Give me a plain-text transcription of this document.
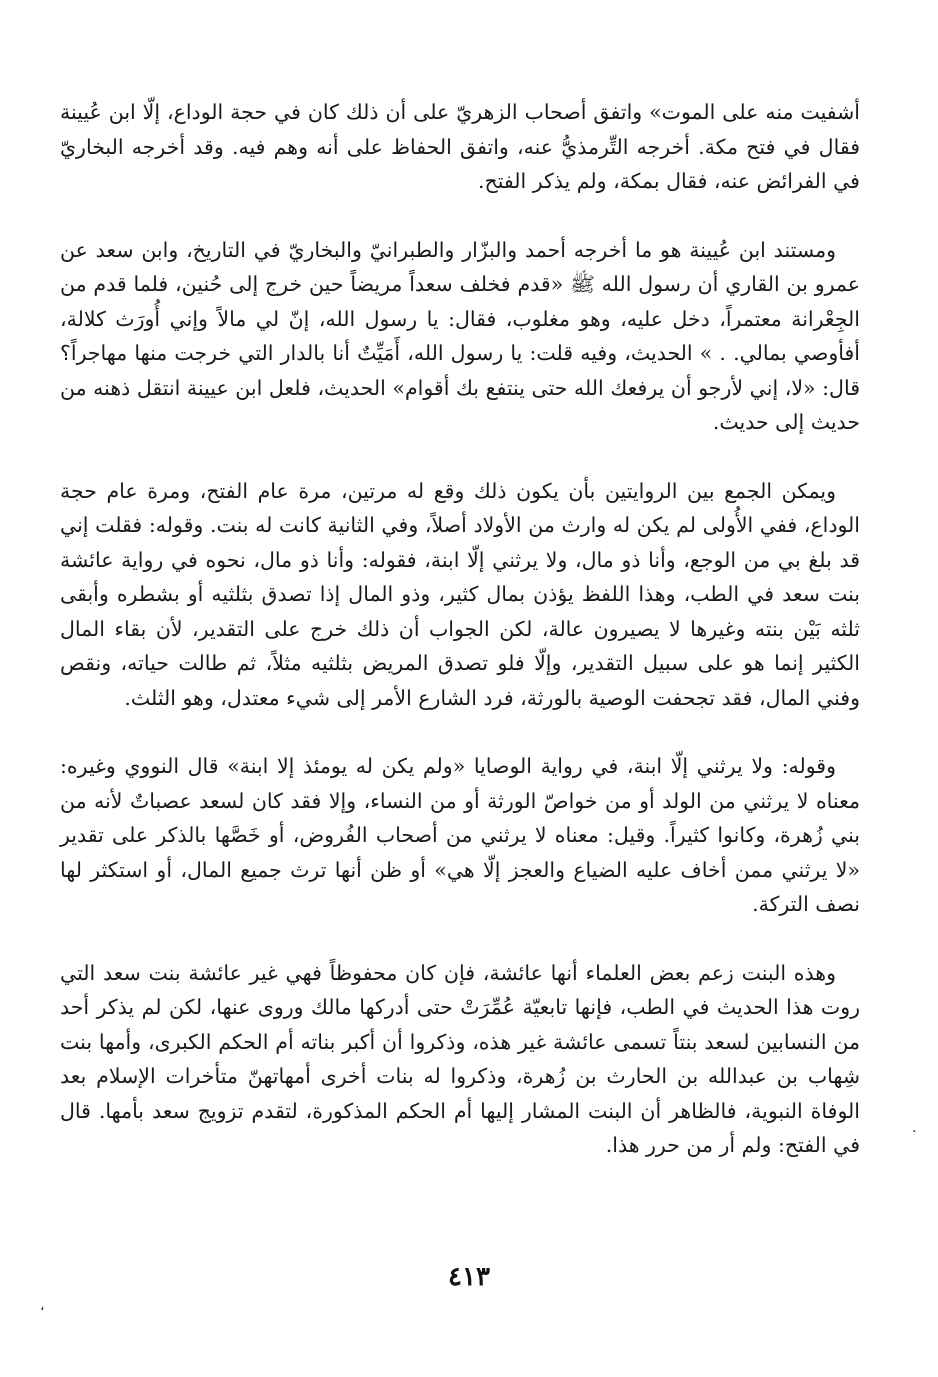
أشفيت منه على الموت» واتفق أصحاب الزهريّ على أن ذلك كان في حجة الوداع، إلّا ابن عُيينة فقال في فتح مكة. أخرجه التِّرمذيُّ عنه، واتفق الحفاظ على أنه وهم فيه. وقد أخرجه البخاريّ في الفرائض عنه، فقال بمكة، ولم يذكر الفتح.

ومستند ابن عُيينة هو ما أخرجه أحمد والبزّار والطبرانيّ والبخاريّ في التاريخ، وابن سعد عن عمرو بن القاري أن رسول الله ﷺ «قدم فخلف سعداً مريضاً حين خرج إلى حُنين، فلما قدم من الجِعْرانة معتمراً، دخل عليه، وهو مغلوب، فقال: يا رسول الله، إنّ لي مالاً وإني أُورَث كلالة، أفأوصي بمالي. . » الحديث، وفيه قلت: يا رسول الله، أَمَيِّتٌ أنا بالدار التي خرجت منها مهاجراً؟ قال: «لا، إني لأرجو أن يرفعك الله حتى ينتفع بك أقوام» الحديث، فلعل ابن عيينة انتقل ذهنه من حديث إلى حديث.

ويمكن الجمع بين الروايتين بأن يكون ذلك وقع له مرتين، مرة عام الفتح، ومرة عام حجة الوداع، ففي الأُولى لم يكن له وارث من الأولاد أصلاً، وفي الثانية كانت له بنت. وقوله: فقلت إني قد بلغ بي من الوجع، وأنا ذو مال، ولا يرثني إلّا ابنة، فقوله: وأنا ذو مال، نحوه في رواية عائشة بنت سعد في الطب، وهذا اللفظ يؤذن بمال كثير، وذو المال إذا تصدق بثلثيه أو بشطره وأبقى ثلثه بَيْن بنته وغيرها لا يصيرون عالة، لكن الجواب أن ذلك خرج على التقدير، لأن بقاء المال الكثير إنما هو على سبيل التقدير، وإلّا فلو تصدق المريض بثلثيه مثلاً، ثم طالت حياته، ونقص وفني المال، فقد تجحفت الوصية بالورثة، فرد الشارع الأمر إلى شيء معتدل، وهو الثلث.

وقوله: ولا يرثني إلّا ابنة، في رواية الوصايا «ولم يكن له يومئذ إلا ابنة» قال النووي وغيره: معناه لا يرثني من الولد أو من خواصّ الورثة أو من النساء، وإلا فقد كان لسعد عصباتٌ لأنه من بني زُهرة، وكانوا كثيراً. وقيل: معناه لا يرثني من أصحاب الفُروض، أو خَصَّها بالذكر على تقدير «لا يرثني ممن أخاف عليه الضياع والعجز إلّا هي» أو ظن أنها ترث جميع المال، أو استكثر لها نصف التركة.

وهذه البنت زعم بعض العلماء أنها عائشة، فإن كان محفوظاً فهي غير عائشة بنت سعد التي روت هذا الحديث في الطب، فإنها تابعيّة عُمِّرَتْ حتى أدركها مالك وروى عنها، لكن لم يذكر أحد من النسابين لسعد بنتاً تسمى عائشة غير هذه، وذكروا أن أكبر بناته أم الحكم الكبرى، وأمها بنت شِهاب بن عبدالله بن الحارث بن زُهرة، وذكروا له بنات أخرى أمهاتهنّ متأخرات الإسلام بعد الوفاة النبوية، فالظاهر أن البنت المشار إليها أم الحكم المذكورة، لتقدم تزويج سعد بأمها. قال في الفتح: ولم أر من حرر هذا.

.
٤١٣
،
